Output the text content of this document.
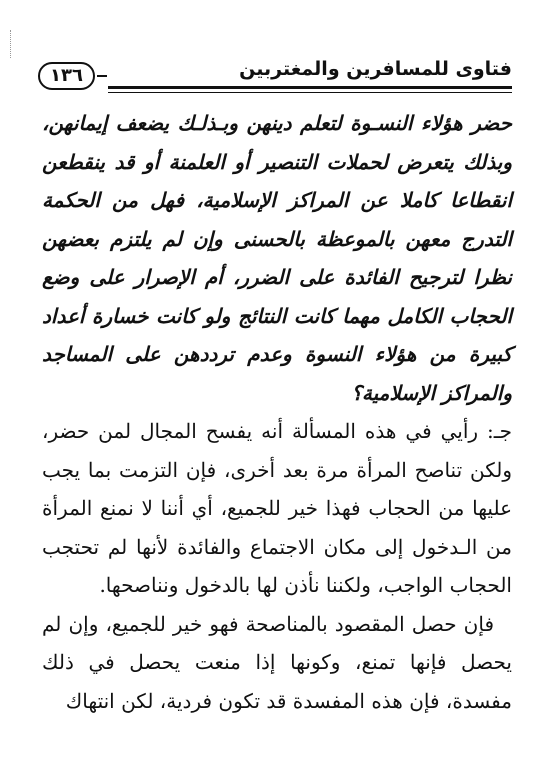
١٣٦	فتاوى للمسافرين والمغتربين

حضر هؤلاء النسـوة لتعلم دينهن وبـذلـك يضعف إيمانهن، وبذلك يتعرض لحملات التنصير أو العلمنة أو قد ينقطعن انقطاعا كاملا عن المراكز الإسلامية، فهل من الحكمة التدرج معهن بالموعظة بالحسنى وإن لم يلتزم بعضهن نظرا لترجيح الفائدة على الضرر، أم الإصرار على وضع الحجاب الكامل مهما كانت النتائج ولو كانت خسارة أعداد كبيرة من هؤلاء النسوة وعدم ترددهن على المساجد والمراكز الإسلامية؟

جـ: رأيي في هذه المسألة أنه يفسح المجال لمن حضر، ولكن تناصح المرأة مرة بعد أخرى، فإن التزمت بما يجب عليها من الحجاب فهذا خير للجميع، أي أننا لا نمنع المرأة من الـدخول إلى مكان الاجتماع والفائدة لأنها لم تحتجب الحجاب الواجب، ولكننا نأذن لها بالدخول ونناصحها.

فإن حصل المقصود بالمناصحة فهو خير للجميع، وإن لم يحصل فإنها تمنع، وكونها إذا منعت يحصل في ذلك مفسدة، فإن هذه المفسدة قد تكون فردية، لكن انتهاك
